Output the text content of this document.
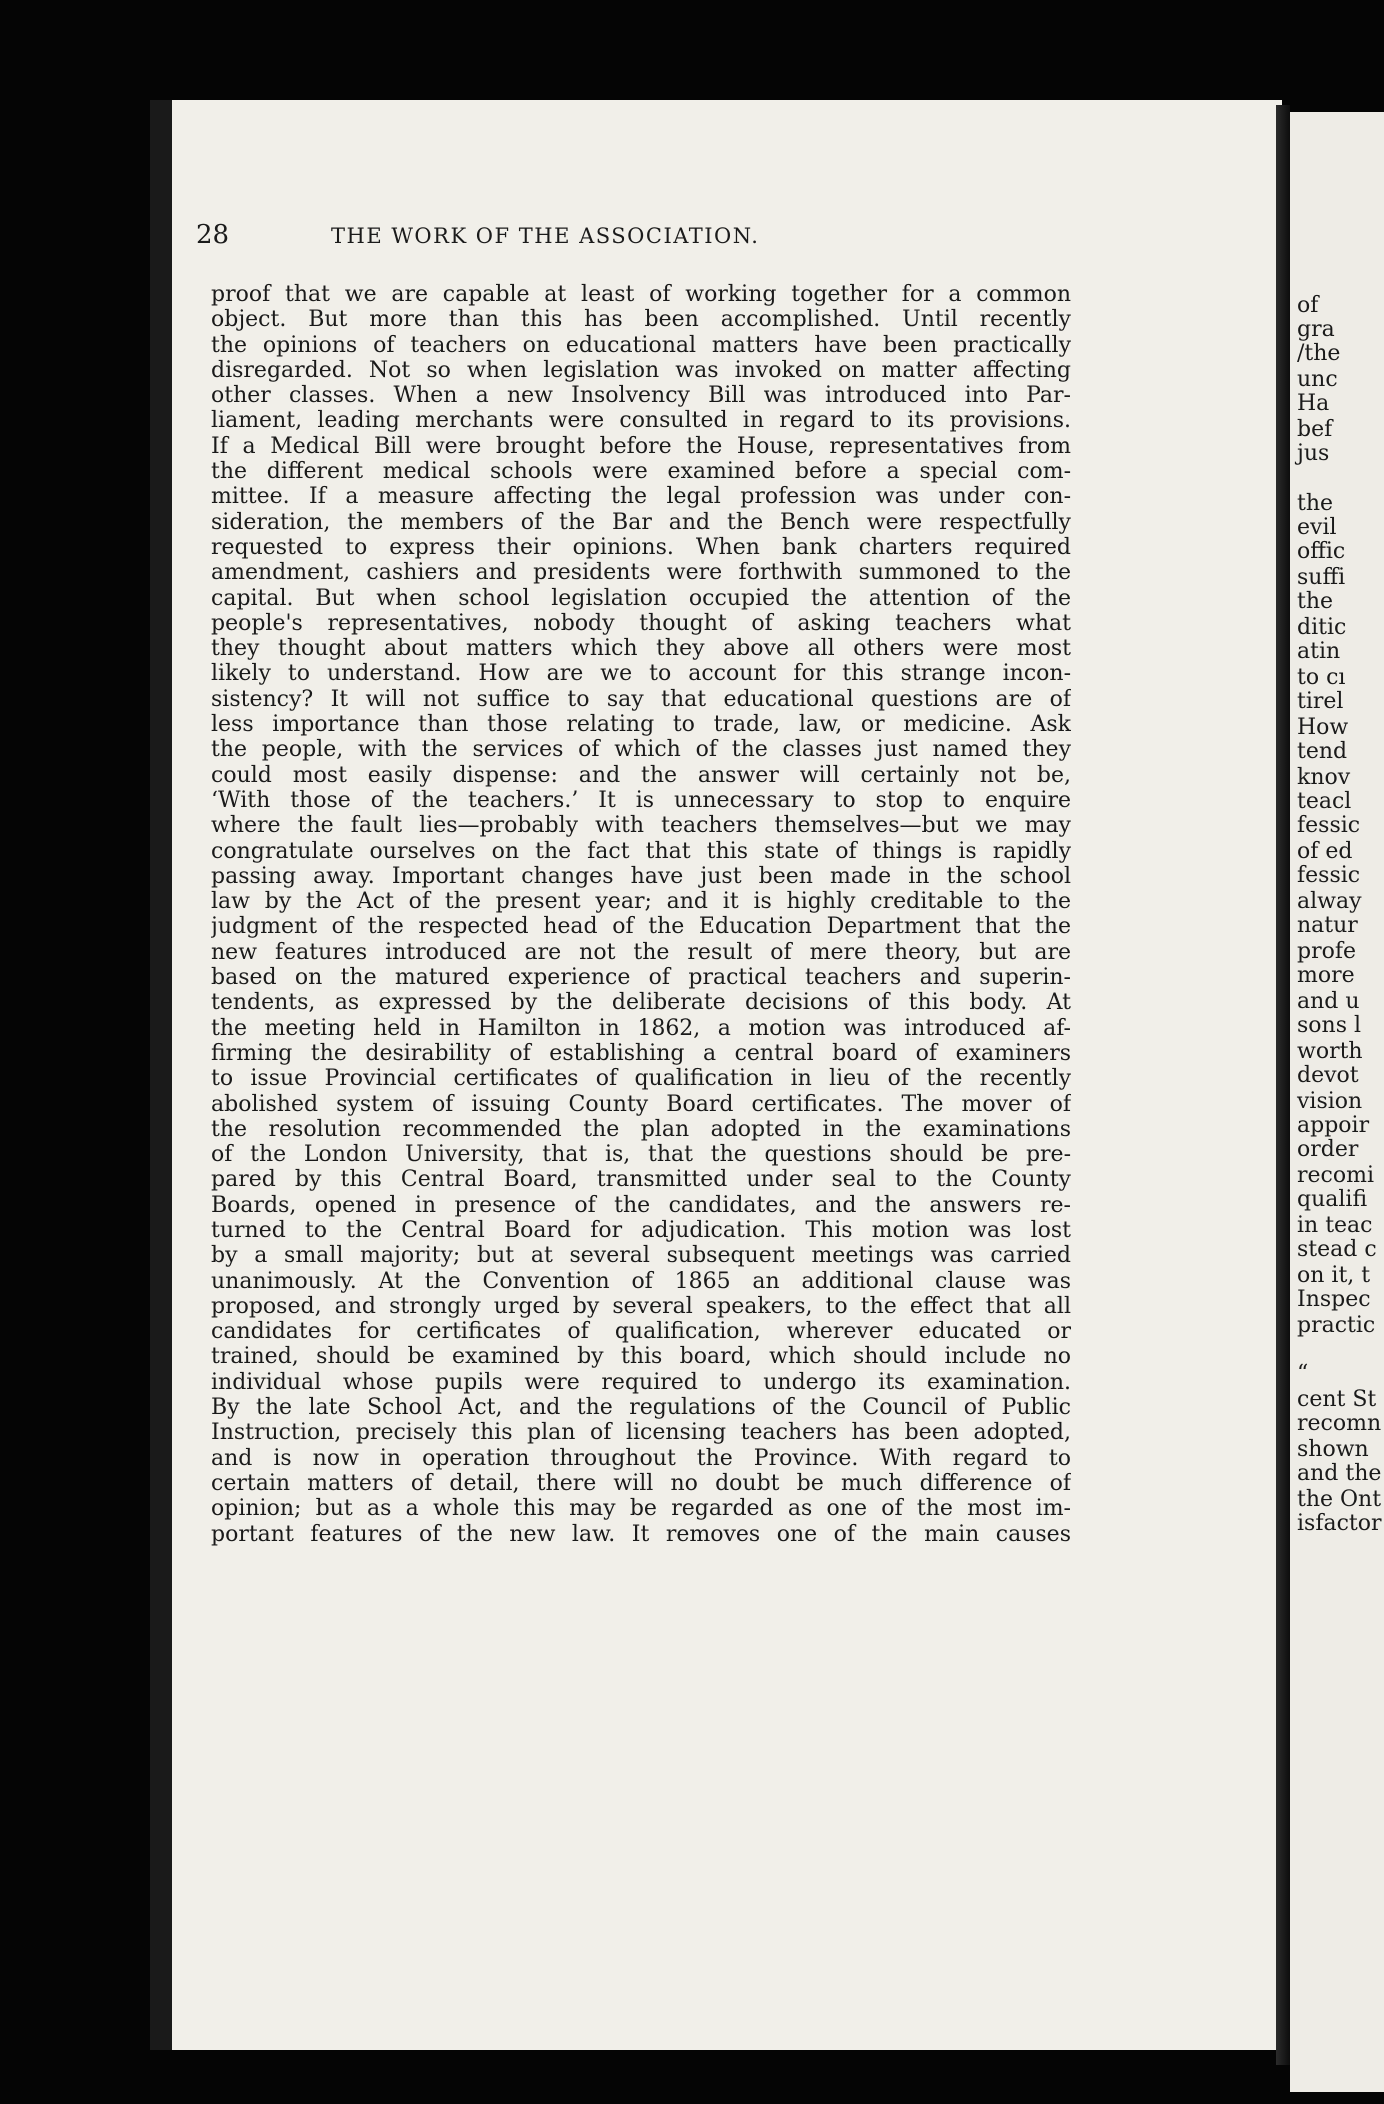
28	THE WORK OF THE ASSOCIATION.
proof that we are capable at least of working together for a common
object. But more than this has been accomplished. Until recently
the opinions of teachers on educational matters have been practically
disregarded. Not so when legislation was invoked on matter affecting
other classes. When a new Insolvency Bill was introduced into Par-
liament, leading merchants were consulted in regard to its provisions.
If a Medical Bill were brought before the House, representatives from
the different medical schools were examined before a special com-
mittee. If a measure affecting the legal profession was under con-
sideration, the members of the Bar and the Bench were respectfully
requested to express their opinions. When bank charters required
amendment, cashiers and presidents were forthwith summoned to the
capital. But when school legislation occupied the attention of the
people's representatives, nobody thought of asking teachers what
they thought about matters which they above all others were most
likely to understand. How are we to account for this strange incon-
sistency? It will not suffice to say that educational questions are of
less importance than those relating to trade, law, or medicine. Ask
the people, with the services of which of the classes just named they
could most easily dispense: and the answer will certainly not be,
‘With those of the teachers.’ It is unnecessary to stop to enquire
where the fault lies—probably with teachers themselves—but we may
congratulate ourselves on the fact that this state of things is rapidly
passing away. Important changes have just been made in the school
law by the Act of the present year; and it is highly creditable to the
judgment of the respected head of the Education Department that the
new features introduced are not the result of mere theory, but are
based on the matured experience of practical teachers and superin-
tendents, as expressed by the deliberate decisions of this body. At
the meeting held in Hamilton in 1862, a motion was introduced af-
firming the desirability of establishing a central board of examiners
to issue Provincial certificates of qualification in lieu of the recently
abolished system of issuing County Board certificates. The mover of
the resolution recommended the plan adopted in the examinations
of the London University, that is, that the questions should be pre-
pared by this Central Board, transmitted under seal to the County
Boards, opened in presence of the candidates, and the answers re-
turned to the Central Board for adjudication. This motion was lost
by a small majority; but at several subsequent meetings was carried
unanimously. At the Convention of 1865 an additional clause was
proposed, and strongly urged by several speakers, to the effect that all
candidates for certificates of qualification, wherever educated or
trained, should be examined by this board, which should include no
individual whose pupils were required to undergo its examination.
By the late School Act, and the regulations of the Council of Public
Instruction, precisely this plan of licensing teachers has been adopted,
and is now in operation throughout the Province. With regard to
certain matters of detail, there will no doubt be much difference of
opinion; but as a whole this may be regarded as one of the most im-
portant features of the new law. It removes one of the main causes
of
gra
/the
unc
Ha
bef
jus
the
evil
offic
suffi
the
ditic
atin
to cı
tirel
How
tend
knov
teacl
fessic
of ed
fessic
alway
natur
profe
more
and u
sons l
worth
devot
vision
appoir
order
recomi
qualifi
in teac
stead c
on it, t
Inspec
practic
“
cent St
recomn
shown
and the
the Ont
isfactor
